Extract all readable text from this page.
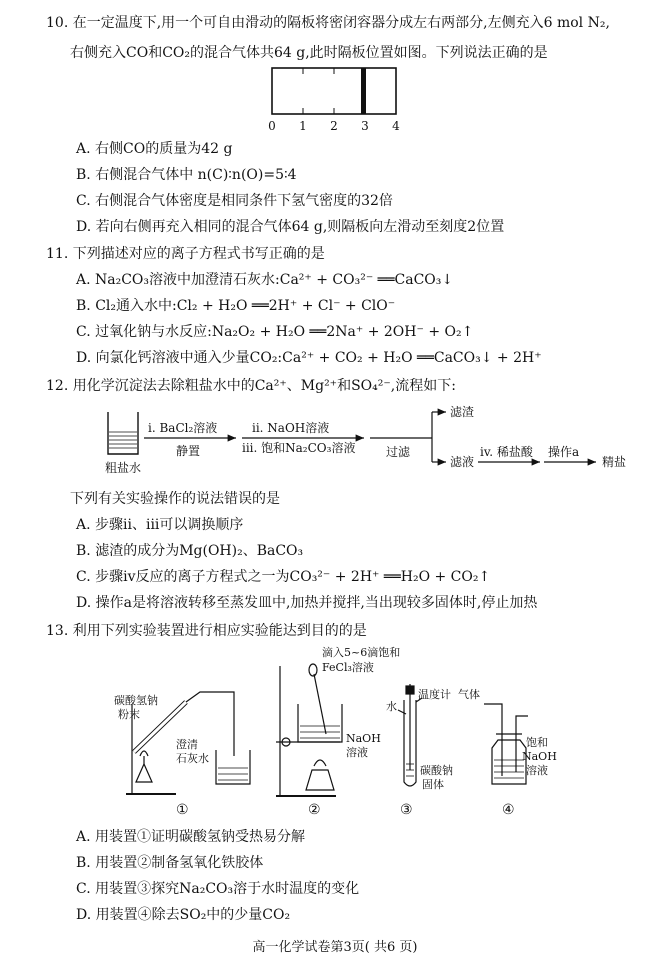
10. 在一定温度下,用一个可自由滑动的隔板将密闭容器分成左右两部分,左侧充入6 mol N₂,
右侧充入CO和CO₂的混合气体共64 g,此时隔板位置如图。下列说法正确的是
0 1 2 3 4
A. 右侧CO的质量为42 g
B. 右侧混合气体中 n(C)∶n(O)=5∶4
C. 右侧混合气体密度是相同条件下氢气密度的32倍
D. 若向右侧再充入相同的混合气体64 g,则隔板向左滑动至刻度2位置
11. 下列描述对应的离子方程式书写正确的是
A. Na₂CO₃溶液中加澄清石灰水:Ca²⁺ + CO₃²⁻ ══CaCO₃↓
B. Cl₂通入水中:Cl₂ + H₂O ══2H⁺ + Cl⁻ + ClO⁻
C. 过氧化钠与水反应:Na₂O₂ + H₂O ══2Na⁺ + 2OH⁻ + O₂↑
D. 向氯化钙溶液中通入少量CO₂:Ca²⁺ + CO₂ + H₂O ══CaCO₃↓ + 2H⁺
12. 用化学沉淀法去除粗盐水中的Ca²⁺、Mg²⁺和SO₄²⁻,流程如下:
粗盐水
i. BaCl₂溶液
静置
ii. NaOH溶液
iii. 饱和Na₂CO₃溶液	过滤
滤渣
滤液
iv. 稀盐酸 操作a
精盐
下列有关实验操作的说法错误的是
A. 步骤ii、iii可以调换顺序
B. 滤渣的成分为Mg(OH)₂、BaCO₃
C. 步骤iv反应的离子方程式之一为CO₃²⁻ + 2H⁺ ══H₂O + CO₂↑
D. 操作a是将溶液转移至蒸发皿中,加热并搅拌,当出现较多固体时,停止加热
13. 利用下列实验装置进行相应实验能达到目的的是
碳酸氢钠
粉末
澄清
石灰水
①
滴入5~6滴饱和
FeCl₃溶液
NaOH
溶液
②
水
温度计
碳酸钠
固体
③
气体
饱和
NaOH
溶液
④
A. 用装置①证明碳酸氢钠受热易分解
B. 用装置②制备氢氧化铁胶体
C. 用装置③探究Na₂CO₃溶于水时温度的变化
D. 用装置④除去SO₂中的少量CO₂
高一化学试卷第3页( 共6 页)
